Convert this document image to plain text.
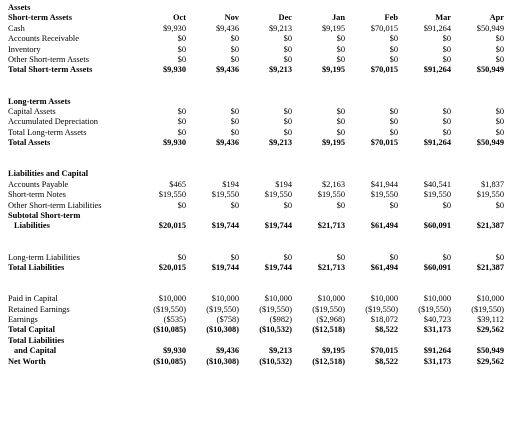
Assets							
Short-term Assets	Oct	Nov	Dec	Jan	Feb	Mar	Apr
Cash	$9,930	$9,436	$9,213	$9,195	$70,015	$91,264	$50,949
Accounts Receivable	$0	$0	$0	$0	$0	$0	$0
Inventory	$0	$0	$0	$0	$0	$0	$0
Other Short-term Assets	$0	$0	$0	$0	$0	$0	$0
Total Short-term Assets	$9,930	$9,436	$9,213	$9,195	$70,015	$91,264	$50,949

Long-term Assets							
Capital Assets	$0	$0	$0	$0	$0	$0	$0
Accumulated Depreciation	$0	$0	$0	$0	$0	$0	$0
Total Long-term Assets	$0	$0	$0	$0	$0	$0	$0
Total Assets	$9,930	$9,436	$9,213	$9,195	$70,015	$91,264	$50,949

Liabilities and Capital							
Accounts Payable	$465	$194	$194	$2,163	$41,944	$40,541	$1,837
Short-term Notes	$19,550	$19,550	$19,550	$19,550	$19,550	$19,550	$19,550
Other Short-term Liabilities	$0	$0	$0	$0	$0	$0	$0
Subtotal Short-term							
Liabilities	$20,015	$19,744	$19,744	$21,713	$61,494	$60,091	$21,387

Long-term Liabilities	$0	$0	$0	$0	$0	$0	$0
Total Liabilities	$20,015	$19,744	$19,744	$21,713	$61,494	$60,091	$21,387

Paid in Capital	$10,000	$10,000	$10,000	$10,000	$10,000	$10,000	$10,000
Retained Earnings	($19,550)	($19,550)	($19,550)	($19,550)	($19,550)	($19,550)	($19,550)
Earnings	($535)	($758)	($982)	($2,968)	$18,072	$40,723	$39,112
Total Capital	($10,085)	($10,308)	($10,532)	($12,518)	$8,522	$31,173	$29,562
Total Liabilities							
and Capital	$9,930	$9,436	$9,213	$9,195	$70,015	$91,264	$50,949
Net Worth	($10,085)	($10,308)	($10,532)	($12,518)	$8,522	$31,173	$29,562
